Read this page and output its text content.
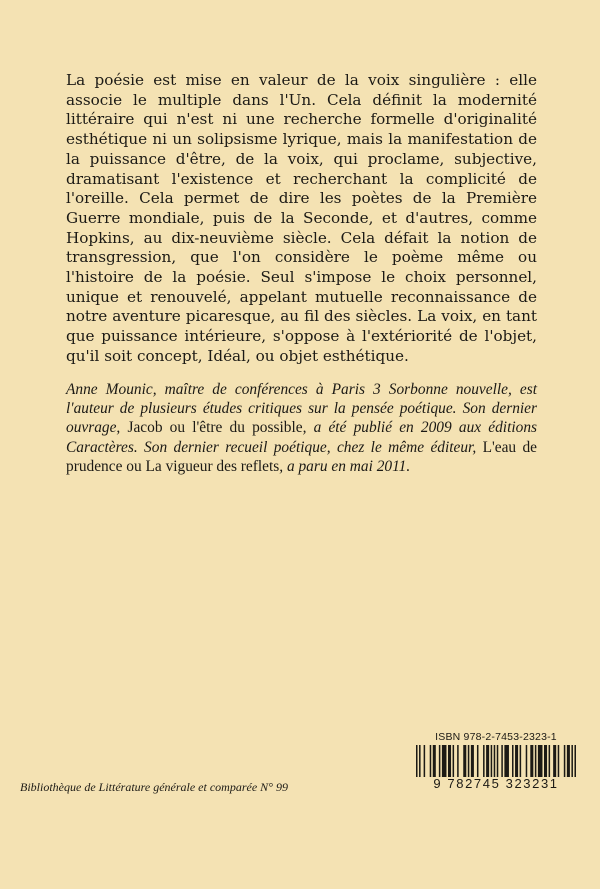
La poésie est mise en valeur de la voix singulière : elle associe le multiple dans l'Un. Cela définit la modernité littéraire qui n'est ni une recherche formelle d'originalité esthétique ni un solipsisme lyrique, mais la manifestation de la puissance d'être, de la voix, qui proclame, subjective, dramatisant l'existence et recherchant la complicité de l'oreille. Cela permet de dire les poètes de la Première Guerre mondiale, puis de la Seconde, et d'autres, comme Hopkins, au dix-neuvième siècle. Cela défait la notion de transgression, que l'on considère le poème même ou l'histoire de la poésie. Seul s'impose le choix personnel, unique et renouvelé, appelant mutuelle reconnaissance de notre aventure picaresque, au fil des siècles. La voix, en tant que puissance intérieure, s'oppose à l'extériorité de l'objet, qu'il soit concept, Idéal, ou objet esthétique.

Anne Mounic, maître de conférences à Paris 3 Sorbonne nouvelle, est l'auteur de plusieurs études critiques sur la pensée poétique. Son dernier ouvrage, Jacob ou l'être du possible, a été publié en 2009 aux éditions Caractères. Son dernier recueil poétique, chez le même éditeur, L'eau de prudence ou La vigueur des reflets, a paru en mai 2011.

Bibliothèque de Littérature générale et comparée N° 99
ISBN 978-2-7453-2323-1
9 782745 323231
